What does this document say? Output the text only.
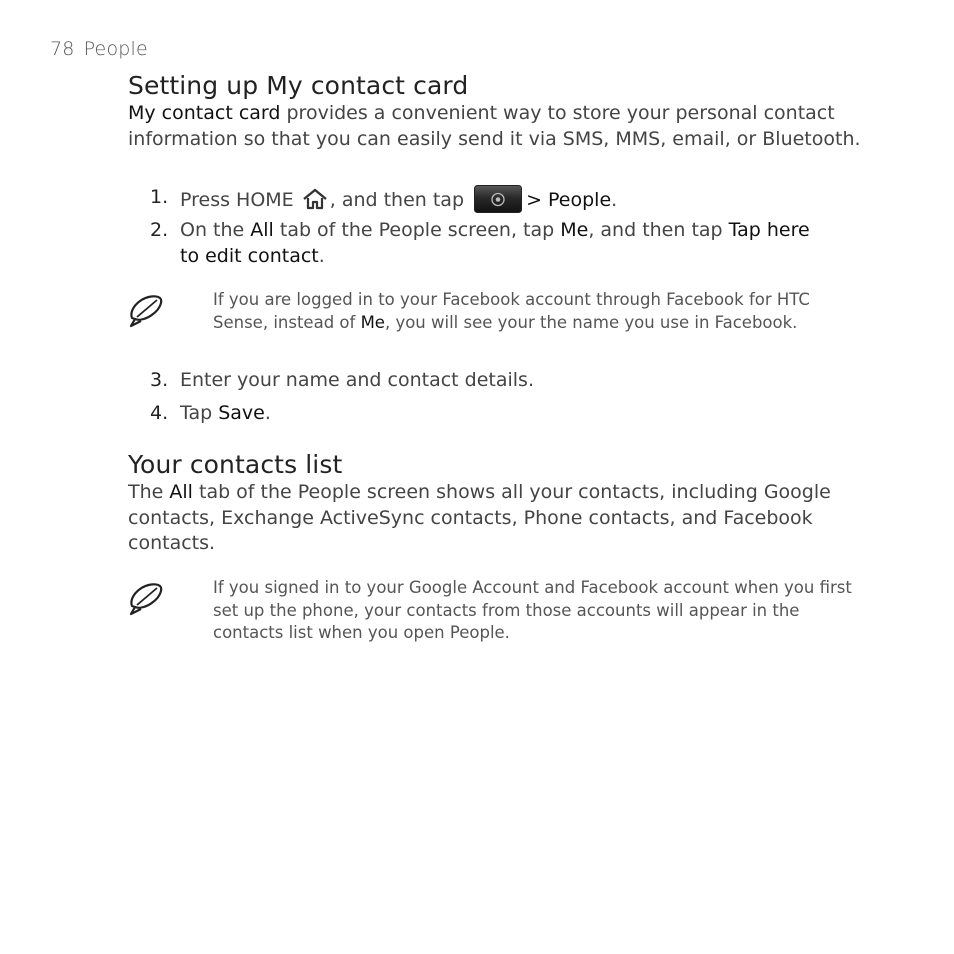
78 People
Setting up My contact card
My contact card provides a convenient way to store your personal contact information so that you can easily send it via SMS, MMS, email, or Bluetooth.
1. Press HOME , and then tap	> People.
2. On the All tab of the People screen, tap Me, and then tap Tap here to edit contact.
If you are logged in to your Facebook account through Facebook for HTC Sense, instead of Me, you will see your the name you use in Facebook.
3. Enter your name and contact details.
4. Tap Save.
Your contacts list
The All tab of the People screen shows all your contacts, including Google contacts, Exchange ActiveSync contacts, Phone contacts, and Facebook contacts.
If you signed in to your Google Account and Facebook account when you first set up the phone, your contacts from those accounts will appear in the contacts list when you open People.
